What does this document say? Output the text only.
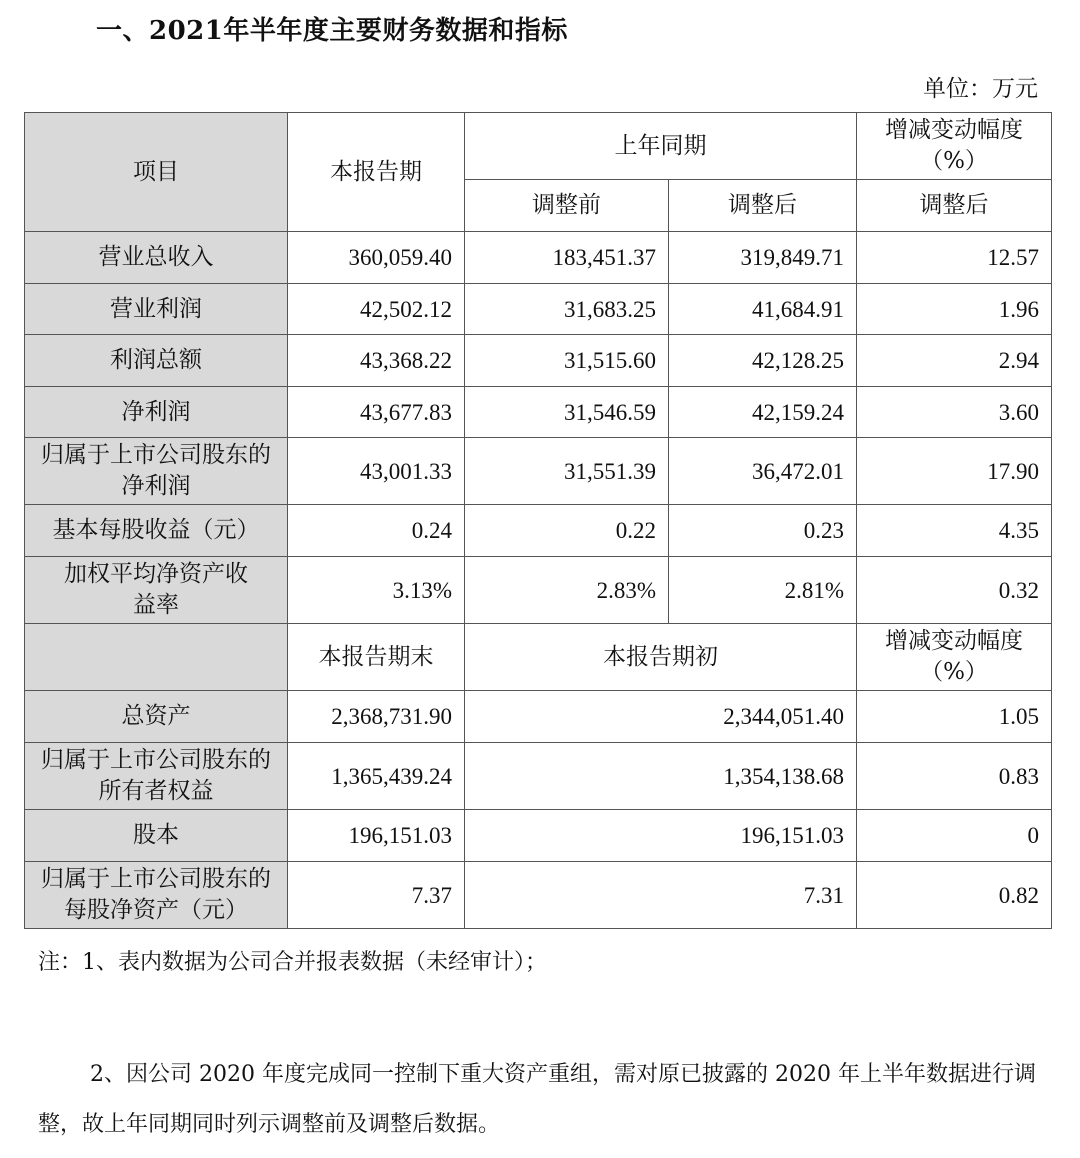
一、2021年半年度主要财务数据和指标
单位：万元
项目	本报告期	上年同期		增减变动幅度（%）
		调整前	调整后	调整后
营业总收入	360,059.40	183,451.37	319,849.71	12.57
营业利润	42,502.12	31,683.25	41,684.91	1.96
利润总额	43,368.22	31,515.60	42,128.25	2.94
净利润	43,677.83	31,546.59	42,159.24	3.60
归属于上市公司股东的净利润	43,001.33	31,551.39	36,472.01	17.90
基本每股收益（元）	0.24	0.22	0.23	4.35
加权平均净资产收益率	3.13%	2.83%	2.81%	0.32
	本报告期末	本报告期初		增减变动幅度（%）
总资产	2,368,731.90	2,344,051.40		1.05
归属于上市公司股东的所有者权益	1,365,439.24	1,354,138.68		0.83
股本	196,151.03	196,151.03		0
归属于上市公司股东的每股净资产（元）	7.37	7.31		0.82
注：1、表内数据为公司合并报表数据（未经审计）；
2、因公司 2020 年度完成同一控制下重大资产重组，需对原已披露的 2020 年上半年数据进行调整，故上年同期同时列示调整前及调整后数据。
